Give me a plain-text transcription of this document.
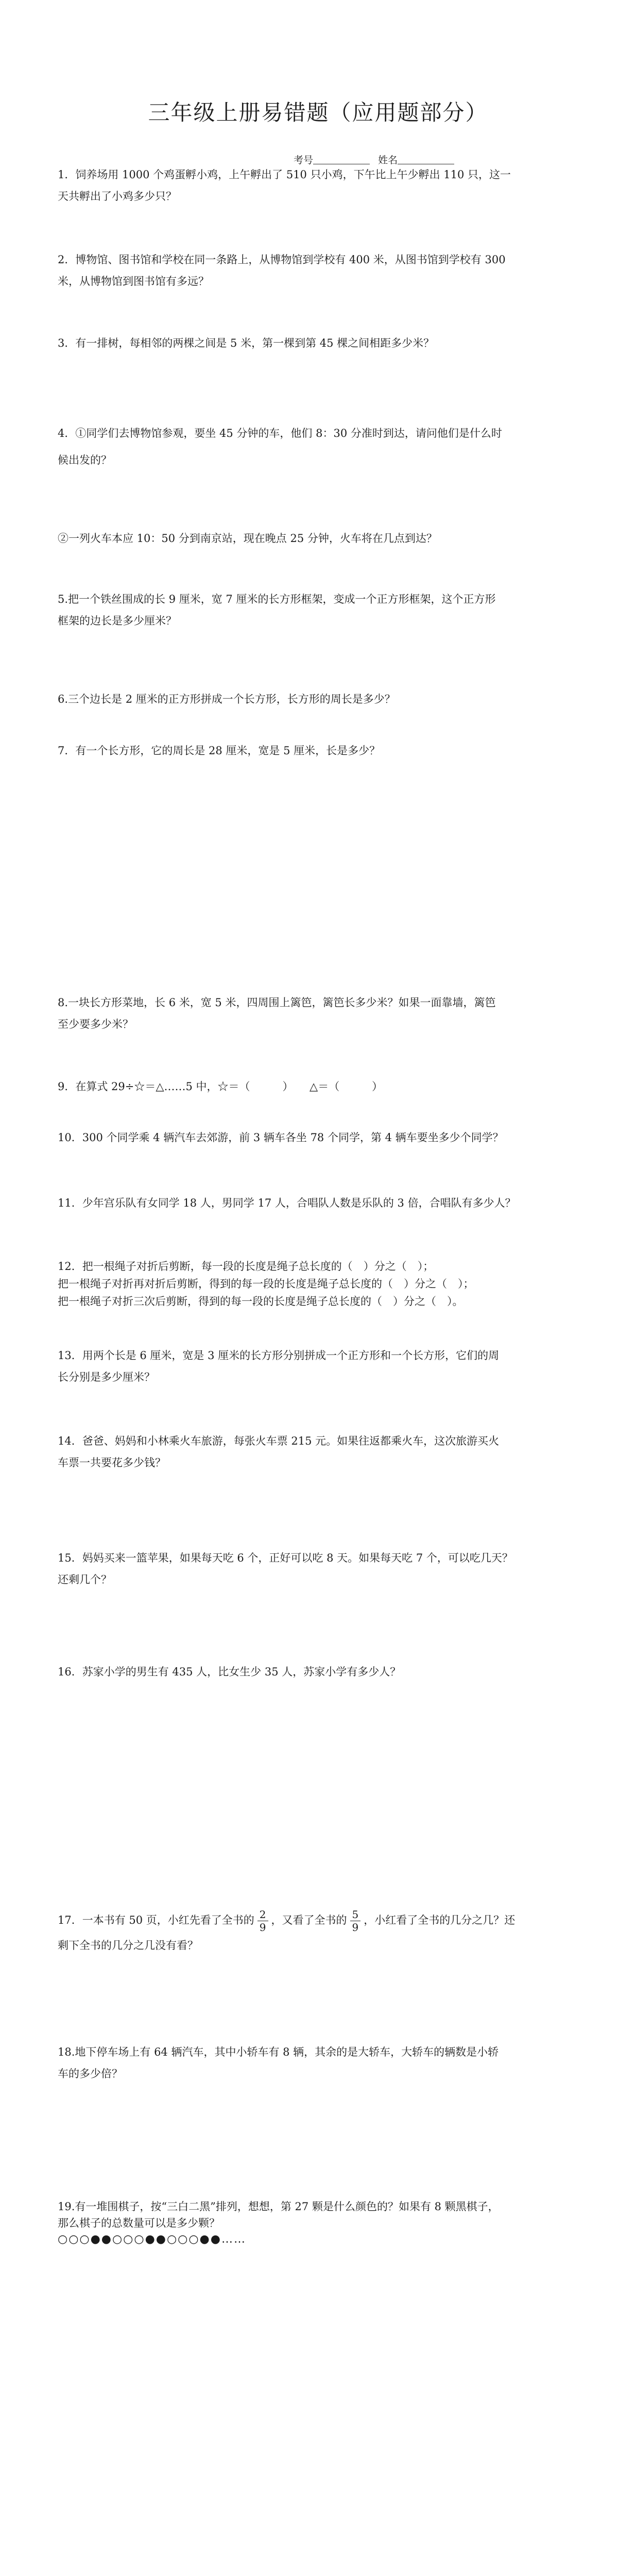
三年级上册易错题（应用题部分）
考号	姓名
1．饲养场用 1000 个鸡蛋孵小鸡，上午孵出了 510 只小鸡，下午比上午少孵出 110 只，这一
天共孵出了小鸡多少只？
2．博物馆、图书馆和学校在同一条路上，从博物馆到学校有 400 米，从图书馆到学校有 300
米，从博物馆到图书馆有多远？
3．有一排树，每相邻的两棵之间是 5 米，第一棵到第 45 棵之间相距多少米？
4．①同学们去博物馆参观，要坐 45 分钟的车，他们 8：30 分准时到达，请问他们是什么时
候出发的？
②一列火车本应 10：50 分到南京站，现在晚点 25 分钟，火车将在几点到达？
5.把一个铁丝围成的长 9 厘米，宽 7 厘米的长方形框架，变成一个正方形框架，这个正方形
框架的边长是多少厘米？
6.三个边长是 2 厘米的正方形拼成一个长方形，长方形的周长是多少？
7．有一个长方形，它的周长是 28 厘米，宽是 5 厘米，长是多少？
8.一块长方形菜地，长 6 米，宽 5 米，四周围上篱笆，篱笆长多少米？如果一面靠墙，篱笆
至少要多少米？
9．在算式 29÷☆＝△……5 中，☆＝（　　　）　　△＝（　　　）
10．300 个同学乘 4 辆汽车去郊游，前 3 辆车各坐 78 个同学，第 4 辆车要坐多少个同学？
11．少年宫乐队有女同学 18 人，男同学 17 人，合唱队人数是乐队的 3 倍，合唱队有多少人？
12．把一根绳子对折后剪断，每一段的长度是绳子总长度的（　）分之（　）；
把一根绳子对折再对折后剪断，得到的每一段的长度是绳子总长度的（　）分之（　）；
把一根绳子对折三次后剪断，得到的每一段的长度是绳子总长度的（　）分之（　）。
13．用两个长是 6 厘米，宽是 3 厘米的长方形分别拼成一个正方形和一个长方形，它们的周
长分别是多少厘米？
14．爸爸、妈妈和小林乘火车旅游，每张火车票 215 元。如果往返都乘火车，这次旅游买火
车票一共要花多少钱？
15．妈妈买来一篮苹果，如果每天吃 6 个，正好可以吃 8 天。如果每天吃 7 个，可以吃几天？
还剩几个？
16．苏家小学的男生有 435 人，比女生少 35 人，苏家小学有多少人？
17．一本书有 50 页，小红先看了全书的 $\frac{2}{9}$ ，又看了全书的 $\frac{5}{9}$ ，小红看了全书的几分之几？还
剩下全书的几分之几没有看？
18.地下停车场上有 64 辆汽车，其中小轿车有 8 辆，其余的是大轿车，大轿车的辆数是小轿
车的多少倍？
19.有一堆围棋子，按“三白二黑”排列，想想，第 27 颗是什么颜色的？如果有 8 颗黑棋子，
那么棋子的总数量可以是多少颗？
○○○●●○○○●●○○○●●……
